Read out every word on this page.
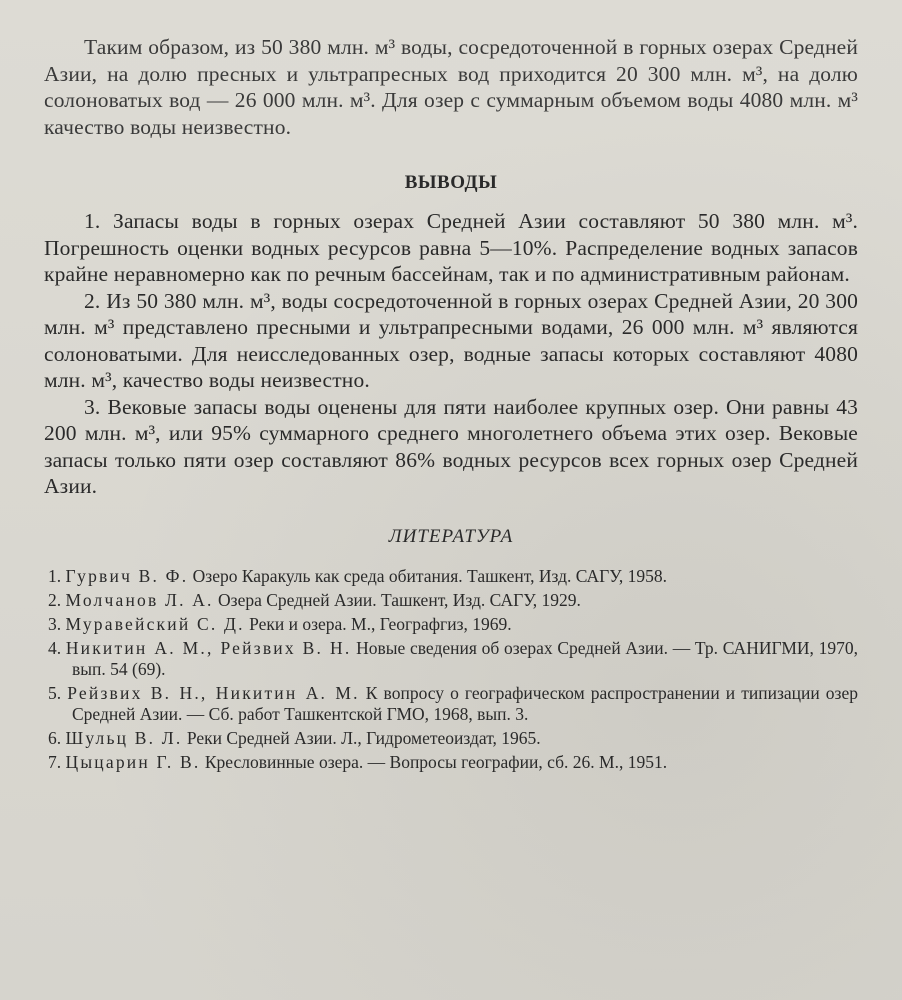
Таким образом, из 50 380 млн. м³ воды, сосредоточенной в горных озерах Средней Азии, на долю пресных и ультрапресных вод приходится 20 300 млн. м³, на долю солоноватых вод — 26 000 млн. м³. Для озер с суммарным объемом воды 4080 млн. м³ качество воды неизвестно.

ВЫВОДЫ

1. Запасы воды в горных озерах Средней Азии составляют 50 380 млн. м³. Погрешность оценки водных ресурсов равна 5—10%. Распределение водных запасов крайне неравномерно как по речным бассейнам, так и по административным районам.

2. Из 50 380 млн. м³, воды сосредоточенной в горных озерах Средней Азии, 20 300 млн. м³ представлено пресными и ультрапресными водами, 26 000 млн. м³ являются солоноватыми. Для неисследованных озер, водные запасы которых составляют 4080 млн. м³, качество воды неизвестно.

3. Вековые запасы воды оценены для пяти наиболее крупных озер. Они равны 43 200 млн. м³, или 95% суммарного среднего многолетнего объема этих озер. Вековые запасы только пяти озер составляют 86% водных ресурсов всех горных озер Средней Азии.

ЛИТЕРАТУРА
1. Гурвич В. Ф. Озеро Каракуль как среда обитания. Ташкент, Изд. САГУ, 1958.
2. Молчанов Л. А. Озера Средней Азии. Ташкент, Изд. САГУ, 1929.
3. Муравейский С. Д. Реки и озера. М., Географгиз, 1969.
4. Никитин А. М., Рейзвих В. Н. Новые сведения об озерах Средней Азии. — Тр. САНИГМИ, 1970, вып. 54 (69).
5. Рейзвих В. Н., Никитин А. М. К вопросу о географическом распространении и типизации озер Средней Азии. — Сб. работ Ташкентской ГМО, 1968, вып. 3.
6. Шульц В. Л. Реки Средней Азии. Л., Гидрометеоиздат, 1965.
7. Цыцарин Г. В. Кресловинные озера. — Вопросы географии, сб. 26. М., 1951.
